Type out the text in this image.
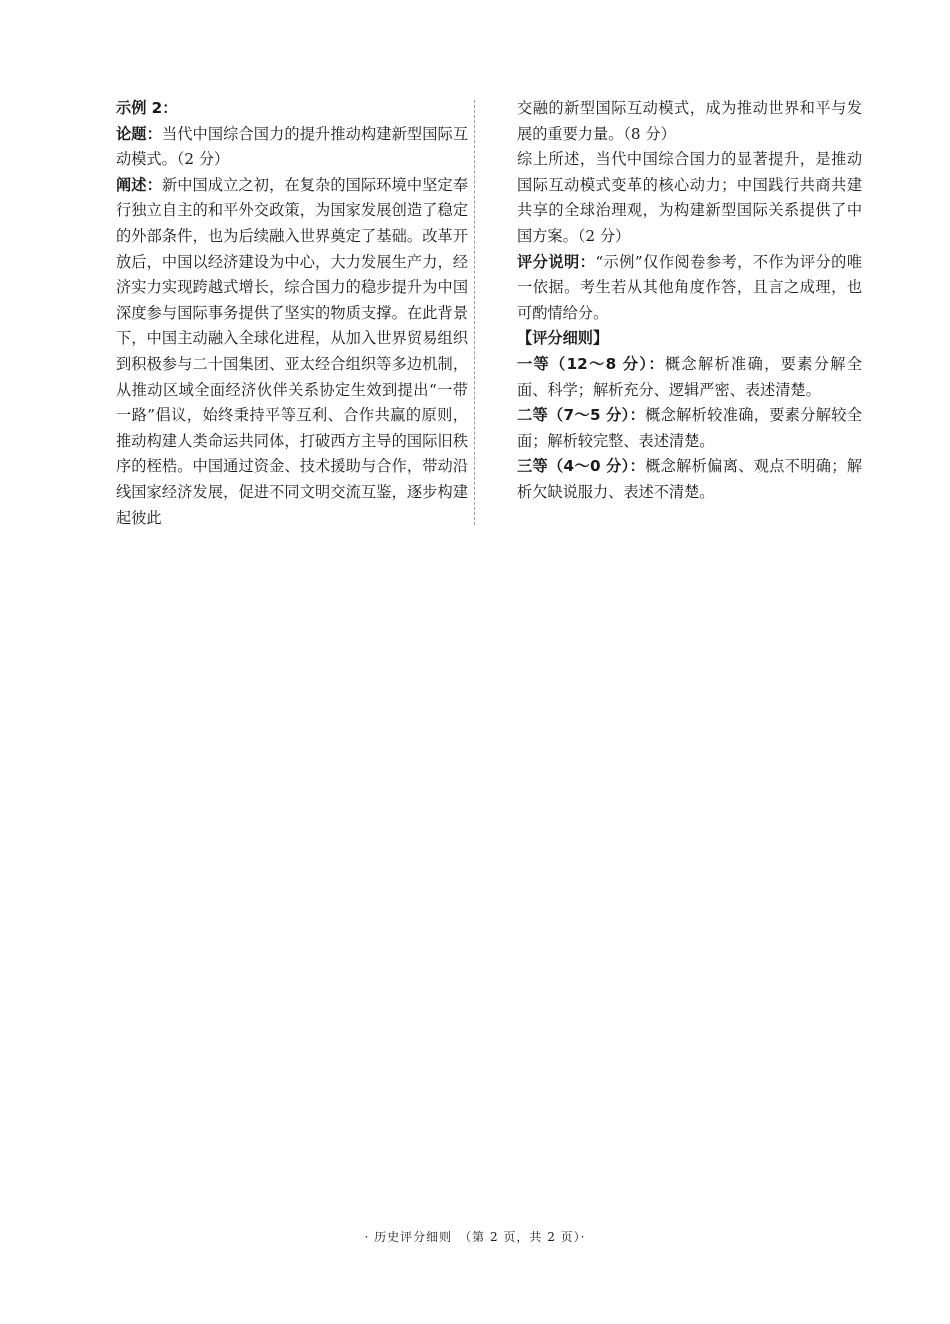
示例 2：

论题：当代中国综合国力的提升推动构建新型国际互动模式。（2 分）

阐述：新中国成立之初，在复杂的国际环境中坚定奉行独立自主的和平外交政策，为国家发展创造了稳定的外部条件，也为后续融入世界奠定了基础。改革开放后，中国以经济建设为中心，大力发展生产力，经济实力实现跨越式增长，综合国力的稳步提升为中国深度参与国际事务提供了坚实的物质支撑。在此背景下，中国主动融入全球化进程，从加入世界贸易组织到积极参与二十国集团、亚太经合组织等多边机制，从推动区域全面经济伙伴关系协定生效到提出“一带一路”倡议，始终秉持平等互利、合作共赢的原则，推动构建人类命运共同体，打破西方主导的国际旧秩序的桎梏。中国通过资金、技术援助与合作，带动沿线国家经济发展，促进不同文明交流互鉴，逐步构建起彼此

交融的新型国际互动模式，成为推动世界和平与发展的重要力量。（8 分）

综上所述，当代中国综合国力的显著提升，是推动国际互动模式变革的核心动力；中国践行共商共建共享的全球治理观，为构建新型国际关系提供了中国方案。（2 分）

评分说明：“示例”仅作阅卷参考，不作为评分的唯一依据。考生若从其他角度作答，且言之成理，也可酌情给分。

【评分细则】

一等（12～8 分）：概念解析准确，要素分解全面、科学；解析充分、逻辑严密、表述清楚。

二等（7～5 分）：概念解析较准确，要素分解较全面；解析较完整、表述清楚。

三等（4～0 分）：概念解析偏离、观点不明确；解析欠缺说服力、表述不清楚。

· 历史评分细则　（第 2 页，共 2 页）·
